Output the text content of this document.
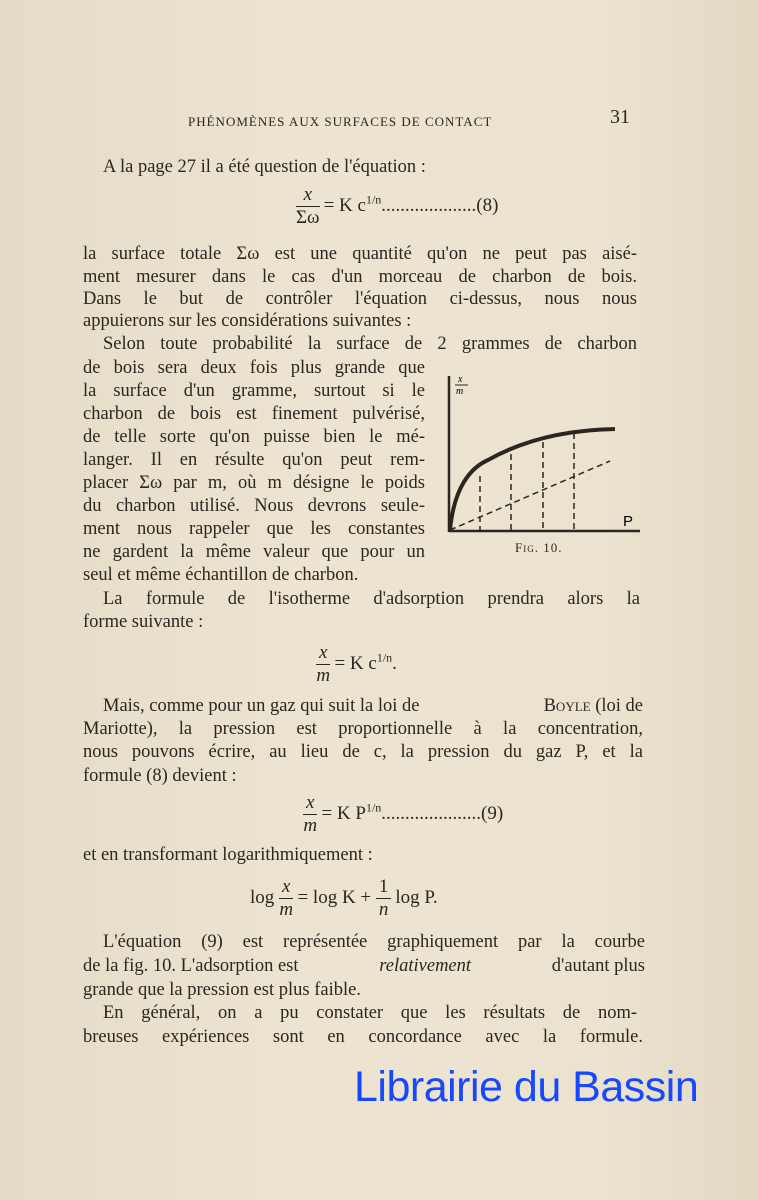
PHÉNOMÈNES AUX SURFACES DE CONTACT	31
A la page 27 il a été question de l'équation :
$\frac{x}{\Sigma\omega} = K$ $c^{1/n}....................(8)$
la surface totale Σω est une quantité qu'on ne peut pas aisé-
ment mesurer dans le cas d'un morceau de charbon de bois.
Dans le but de contrôler l'équation ci-dessus, nous nous
appuierons sur les considérations suivantes :
Selon toute probabilité la surface de 2 grammes de charbon
de bois sera deux fois plus grande que
la surface d'un gramme, surtout si le
charbon de bois est finement pulvérisé,
de telle sorte qu'on puisse bien le mé-
langer. Il en résulte qu'on peut rem-
placer Σω par m, où m désigne le poids
du charbon utilisé. Nous devrons seule-
ment nous rappeler que les constantes
ne gardent la même valeur que pour un
seul et même échantillon de charbon.
x
m
P
Fig. 10.
La formule de l'isotherme d'adsorption prendra alors la
forme suivante :
$\frac{x}{m} = K$ $c^{1/n}$.
Mais, comme pour un gaz qui suit la loi de	Boyle (loi de
Mariotte), la pression est proportionnelle à la concentration,
nous pouvons écrire, au lieu de c, la pression du gaz P, et la
formule (8) devient :
$\frac{x}{m} = K$ $P^{1/n}.....................(9)$
et en transformant logarithmiquement :
$\log \frac{x}{m} = \log K + \frac{1}{n}$ log P.
L'équation (9) est représentée graphiquement par la courbe
de la fig. 10. L'adsorption est	relativement	d'autant plus
grande que la pression est plus faible.
En général, on a pu constater que les résultats de nom-
breuses expériences sont en concordance avec la formule.
Librairie du Bassin
